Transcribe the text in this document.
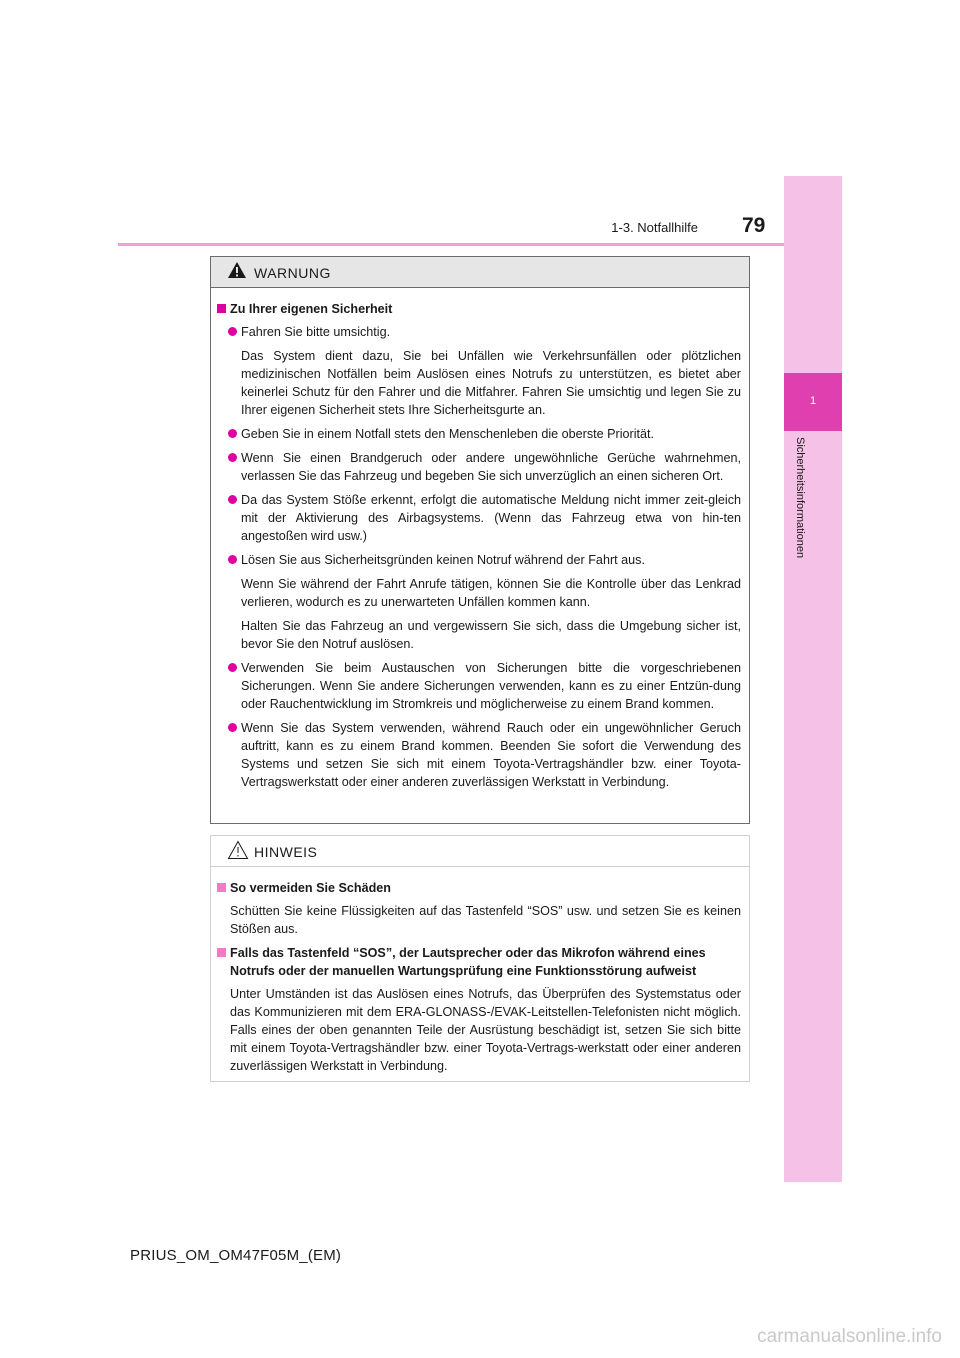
1-3. Notfallhilfe 79
1
Sicherheitsinformationen
WARNUNG

Zu Ihrer eigenen Sicherheit

Fahren Sie bitte umsichtig.

Das System dient dazu, Sie bei Unfällen wie Verkehrsunfällen oder plötzlichen medizinischen Notfällen beim Auslösen eines Notrufs zu unterstützen, es bietet aber keinerlei Schutz für den Fahrer und die Mitfahrer. Fahren Sie umsichtig und legen Sie zu Ihrer eigenen Sicherheit stets Ihre Sicherheitsgurte an.

Geben Sie in einem Notfall stets den Menschenleben die oberste Priorität.

Wenn Sie einen Brandgeruch oder andere ungewöhnliche Gerüche wahrnehmen, verlassen Sie das Fahrzeug und begeben Sie sich unverzüglich an einen sicheren Ort.

Da das System Stöße erkennt, erfolgt die automatische Meldung nicht immer zeit-gleich mit der Aktivierung des Airbagsystems. (Wenn das Fahrzeug etwa von hin-ten angestoßen wird usw.)

Lösen Sie aus Sicherheitsgründen keinen Notruf während der Fahrt aus.

Wenn Sie während der Fahrt Anrufe tätigen, können Sie die Kontrolle über das Lenkrad verlieren, wodurch es zu unerwarteten Unfällen kommen kann.

Halten Sie das Fahrzeug an und vergewissern Sie sich, dass die Umgebung sicher ist, bevor Sie den Notruf auslösen.

Verwenden Sie beim Austauschen von Sicherungen bitte die vorgeschriebenen Sicherungen. Wenn Sie andere Sicherungen verwenden, kann es zu einer Entzün-dung oder Rauchentwicklung im Stromkreis und möglicherweise zu einem Brand kommen.

Wenn Sie das System verwenden, während Rauch oder ein ungewöhnlicher Geruch auftritt, kann es zu einem Brand kommen. Beenden Sie sofort die Verwendung des Systems und setzen Sie sich mit einem Toyota-Vertragshändler bzw. einer Toyota-Vertragswerkstatt oder einer anderen zuverlässigen Werkstatt in Verbindung.

HINWEIS

So vermeiden Sie Schäden

Schütten Sie keine Flüssigkeiten auf das Tastenfeld “SOS” usw. und setzen Sie es keinen Stößen aus.

Falls das Tastenfeld “SOS”, der Lautsprecher oder das Mikrofon während eines Notrufs oder der manuellen Wartungsprüfung eine Funktionsstörung aufweist

Unter Umständen ist das Auslösen eines Notrufs, das Überprüfen des Systemstatus oder das Kommunizieren mit dem ERA-GLONASS-/EVAK-Leitstellen-Telefonisten nicht möglich. Falls eines der oben genannten Teile der Ausrüstung beschädigt ist, setzen Sie sich bitte mit einem Toyota-Vertragshändler bzw. einer Toyota-Vertrags-werkstatt oder einer anderen zuverlässigen Werkstatt in Verbindung.

PRIUS_OM_OM47F05M_(EM)
carmanualsonline.info
